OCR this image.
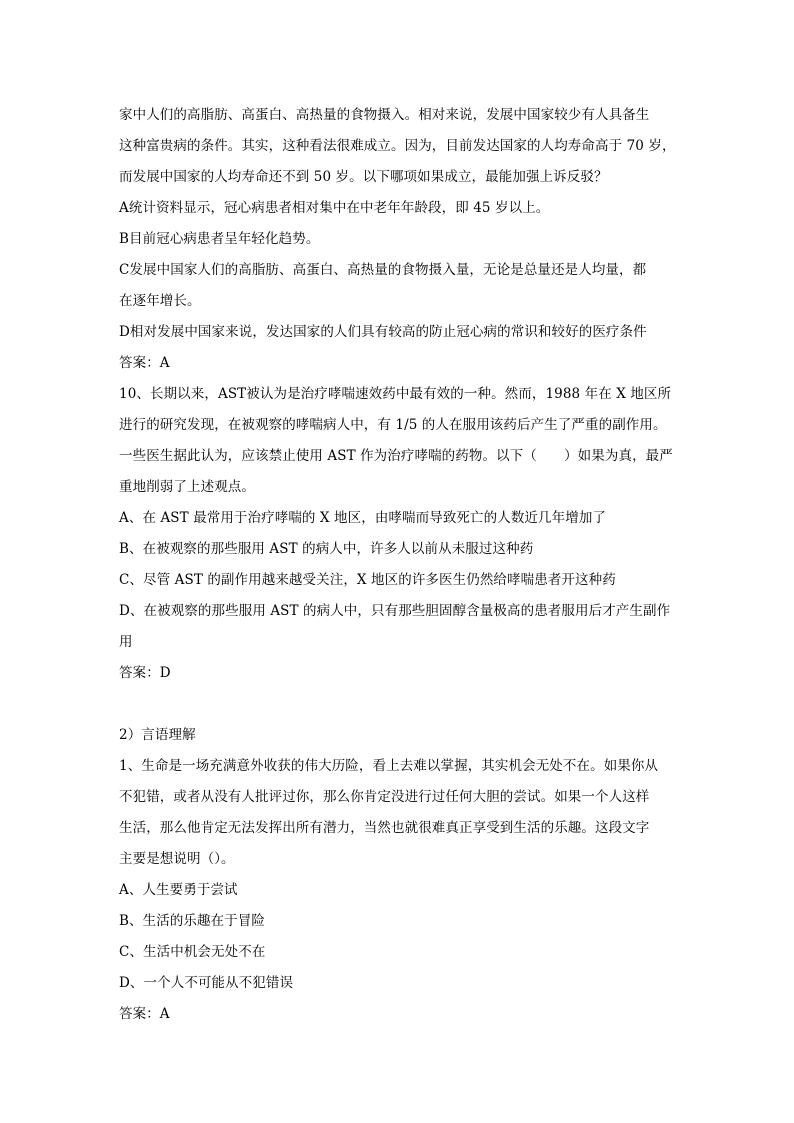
家中人们的高脂肪、高蛋白、高热量的食物摄入。相对来说，发展中国家较少有人具备生
这种富贵病的条件。其实，这种看法很难成立。因为，目前发达国家的人均寿命高于 70 岁，
而发展中国家的人均寿命还不到 50 岁。以下哪项如果成立，最能加强上诉反驳？
A统计资料显示，冠心病患者相对集中在中老年年龄段，即 45 岁以上。
B目前冠心病患者呈年轻化趋势。
C发展中国家人们的高脂肪、高蛋白、高热量的食物摄入量，无论是总量还是人均量，都
在逐年增长。
D相对发展中国家来说，发达国家的人们具有较高的防止冠心病的常识和较好的医疗条件
答案：A
10、长期以来，AST被认为是治疗哮喘速效药中最有效的一种。然而，1988 年在 X 地区所
进行的研究发现，在被观察的哮喘病人中，有 1/5 的人在服用该药后产生了严重的副作用。
一些医生据此认为，应该禁止使用 AST 作为治疗哮喘的药物。以下（　　）如果为真，最严
重地削弱了上述观点。
A、在 AST 最常用于治疗哮喘的 X 地区，由哮喘而导致死亡的人数近几年增加了
B、在被观察的那些服用 AST 的病人中，许多人以前从未服过这种药
C、尽管 AST 的副作用越来越受关注，X 地区的许多医生仍然给哮喘患者开这种药
D、在被观察的那些服用 AST 的病人中，只有那些胆固醇含量极高的患者服用后才产生副作
用
答案：D
2）言语理解
1、生命是一场充满意外收获的伟大历险，看上去难以掌握，其实机会无处不在。如果你从
不犯错，或者从没有人批评过你，那么你肯定没进行过任何大胆的尝试。如果一个人这样
生活，那么他肯定无法发挥出所有潜力，当然也就很难真正享受到生活的乐趣。这段文字
主要是想说明（）。
A、人生要勇于尝试
B、生活的乐趣在于冒险
C、生活中机会无处不在
D、一个人不可能从不犯错误
答案：A
